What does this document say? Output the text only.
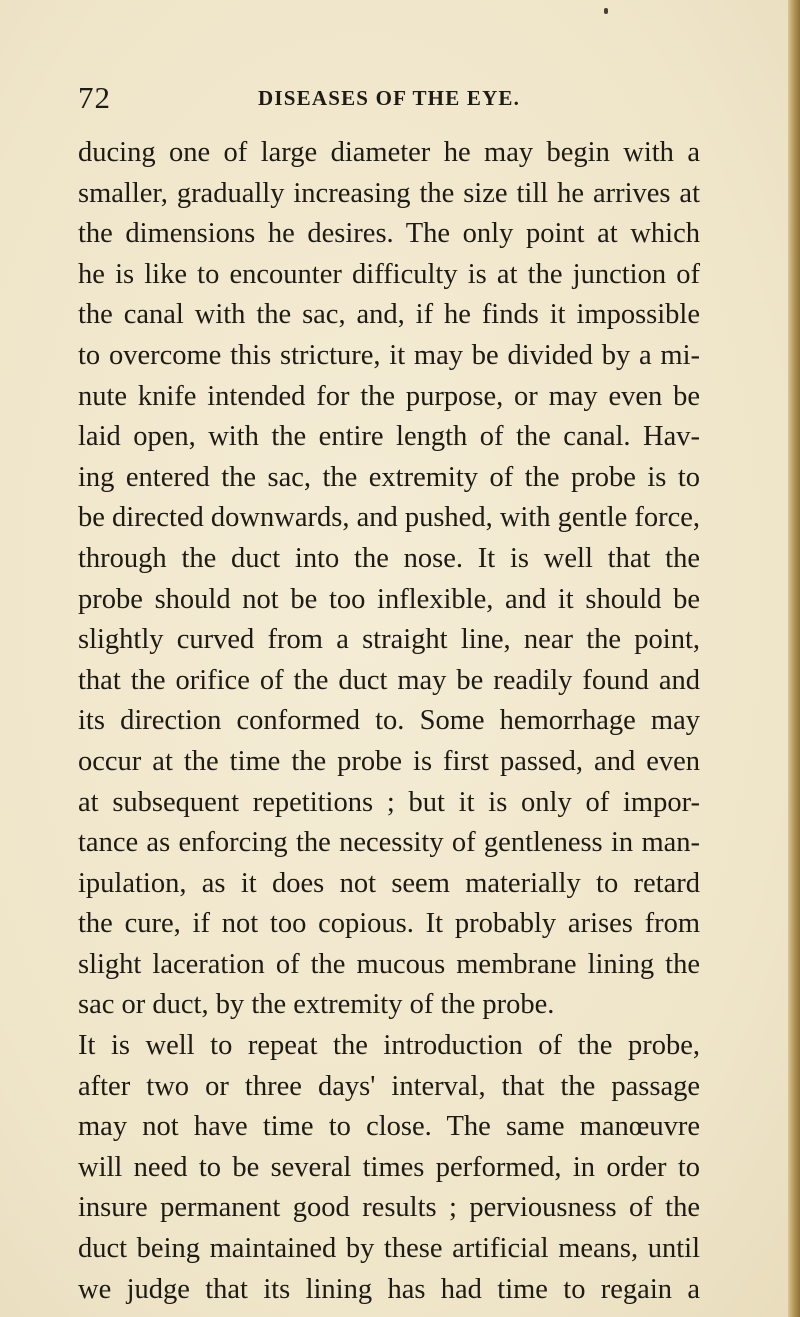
72	DISEASES OF THE EYE.
ducing one of large diameter he may begin with a
smaller, gradually increasing the size till he arrives at
the dimensions he desires. The only point at which
he is like to encounter difficulty is at the junction of
the canal with the sac, and, if he finds it impossible
to overcome this stricture, it may be divided by a mi-
nute knife intended for the purpose, or may even be
laid open, with the entire length of the canal. Hav-
ing entered the sac, the extremity of the probe is to
be directed downwards, and pushed, with gentle force,
through the duct into the nose. It is well that the
probe should not be too inflexible, and it should be
slightly curved from a straight line, near the point,
that the orifice of the duct may be readily found and
its direction conformed to. Some hemorrhage may
occur at the time the probe is first passed, and even
at subsequent repetitions ; but it is only of impor-
tance as enforcing the necessity of gentleness in man-
ipulation, as it does not seem materially to retard
the cure, if not too copious. It probably arises from
slight laceration of the mucous membrane lining the
sac or duct, by the extremity of the probe.
It is well to repeat the introduction of the probe,
after two or three days' interval, that the passage
may not have time to close. The same manœuvre
will need to be several times performed, in order to
insure permanent good results ; perviousness of the
duct being maintained by these artificial means, until
we judge that its lining has had time to regain a
